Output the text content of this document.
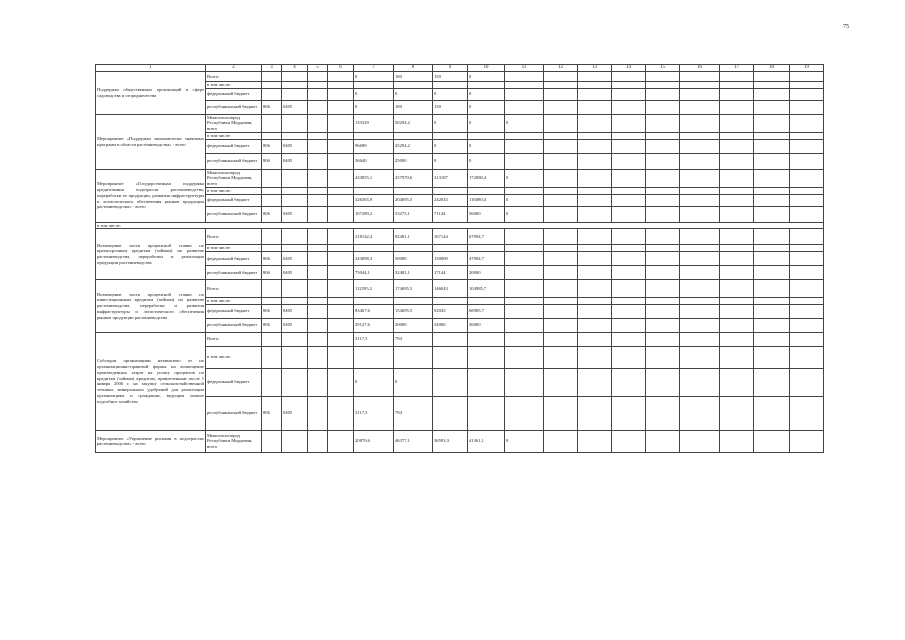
75
1	2	3	4	5	6	7	8	9	10	11	12	13	14	15	16	17	18	19
Поддержка общественных организаций в сфере садоводства и огородничества	Всего:					0	180	150	0									
	в том числе:																	
	федеральный бюджет					0	0	0	0									
	республиканский бюджет	806	0405			0	180	150	0									
Мероприятие «Поддержка экономически значимых программ в области растениеводства» - всего	Минсельхозпрод Республики Мордовия, всего					133329	50294,2	0	0	0								
	в том числе:																	
	федеральный бюджет	806	0405			96689	25294,2	0	0									
	республиканский бюджет	806	0405			36640	25000	0	0									
Мероприятие «Государственная поддержка кредитования подотрасли растениеводства, переработки ее продукции, развития инфраструктуры и логистического обеспечения рынков продукции растениеводства» - всего	Минсельхозпрод Республики Мордовия, всего					433855,1	257970,6	313187	172080,4	0								
	в том числе:																	
	федеральный бюджет					326365,9	204695,5	242043	116080,4	0								
	республиканский бюджет	806	0405			107289,2	53275,1	71144	56000	0								
в том числе:																		
Возмещение части процентной ставки по краткосрочным кредитам (займам) на развитие растениеводства, переработки и реализации продукции растениеводства	Всего:					318142,4	82481,1	167144	67094,7									
	в том числе:																	
	федеральный бюджет	806	0405			243098,3	50000	150000	47094,7									
	республиканский бюджет	806	0405			75044,1	32481,1	17144	20000									
Возмещение части процентной ставки по инвестиционным кредитам (займам) на развитие растениеводства, переработки и развития инфраструктуры и логистического обеспечения рынков продукции растениеводства	Всего:					112595,2	174695,5	146043	104985,7									
	в том числе:																	
	федеральный бюджет	806	0405			83467,6	154695,5	92043	68985,7									
	республиканский бюджет	806	0405			29127,6	20000	54000	36000									
Субсидии организациям независимо от их организационно-правовой формы на возмещение произведенных затрат на уплату процентов по кредитам (займам) кредитам, привлеченным после 1 января 2006 г. на закупку сельскохозяйственной техники, минеральных удобрений для реализации организациям и гражданам, ведущим личное подсобное хозяйство	Всего:					3117,5	794											
	в том числе:																	
	федеральный бюджет					0	0											
	республиканский бюджет	806	0405			3117,5	794											
Мероприятие «Управление рисками в подотраслях растениеводства» - всего	Минсельхозпрод Республики Мордовия, всего					20870,6	46377,1	36593,3	41361,1	0								
